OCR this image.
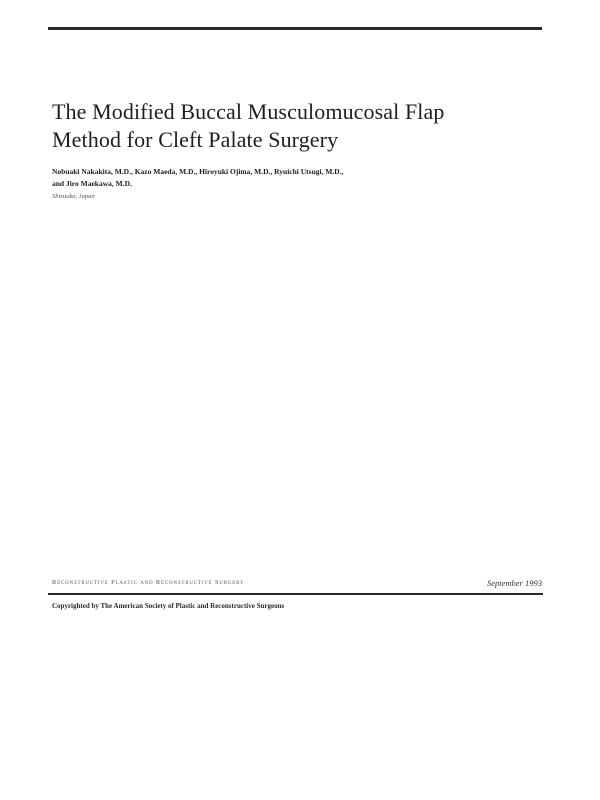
The Modified Buccal Musculomucosal Flap
Method for Cleft Palate Surgery

Nobuaki Nakakita, M.D., Kazo Maeda, M.D., Hiroyuki Ojima, M.D., Ryuichi Utsugi, M.D.,
and Jiro Maekawa, M.D.

Shizuoka, Japan

Reconstructive Plastic and Reconstructive Surgery	September 1993
Copyrighted by The American Society of Plastic and Reconstructive Surgeons
